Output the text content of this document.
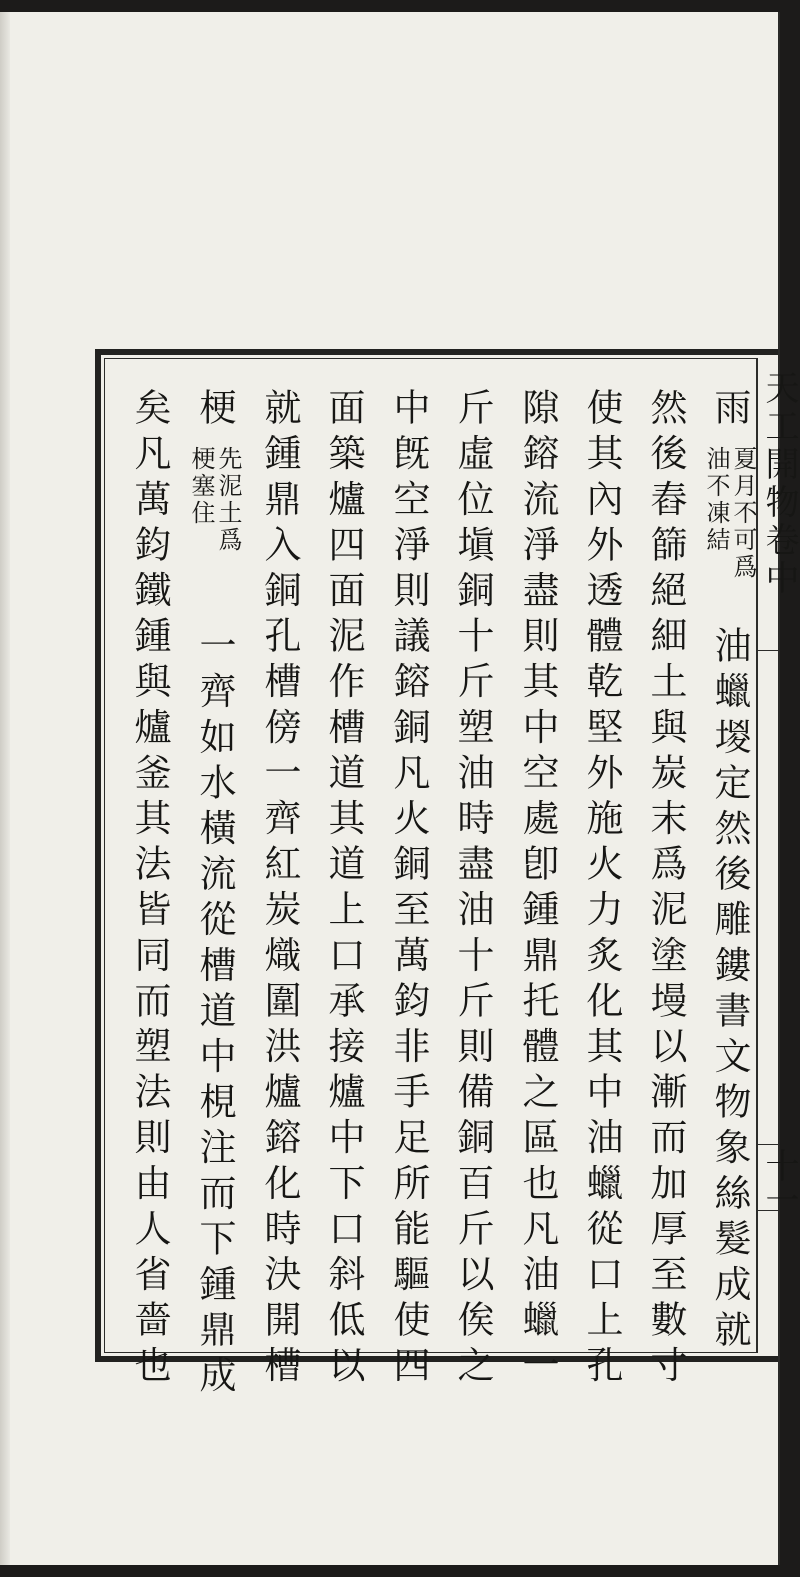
天工開物卷中
十一
雨
夏月不可爲
油不凍結
油蠟堫定然後雕鏤書文物象絲髮成就
然後舂篩絕細土與炭末爲泥塗墁以漸而加厚至數寸
使其內外透體乾堅外施火力炙化其中油蠟從口上孔
隙鎔流淨盡則其中空處卽鍾鼎托體之區也凡油蠟一
斤虛位塡銅十斤塑油時盡油十斤則備銅百斤以俟之
中旣空淨則議鎔銅凡火銅至萬鈞非手足所能驅使四
面築爐四面泥作槽道其道上口承接爐中下口斜低以
就鍾鼎入銅孔槽傍一齊紅炭熾圍洪爐鎔化時決開槽
梗
先泥土爲
梗塞住
一齊如水橫流從槽道中梘注而下鍾鼎成
矣凡萬鈞鐵鍾與爐釜其法皆同而塑法則由人省嗇也
